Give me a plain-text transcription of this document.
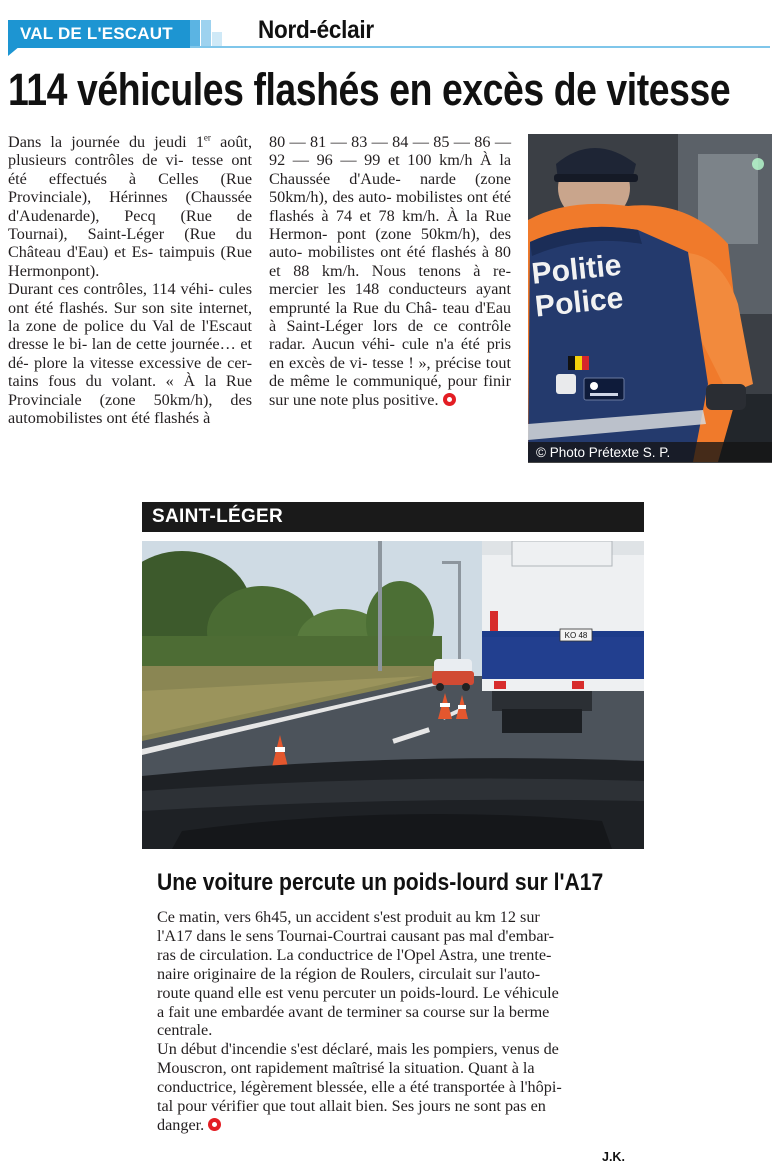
VAL DE L'ESCAUT	Nord-éclair
114 véhicules flashés en excès de vitesse

Dans la journée du jeudi 1er août, plusieurs contrôles de vi- tesse ont été effectués à Celles (Rue Provinciale), Hérinnes (Chaussée d'Audenarde), Pecq (Rue de Tournai), Saint-Léger (Rue du Château d'Eau) et Es- taimpuis (Rue Hermonpont).

Durant ces contrôles, 114 véhi- cules ont été flashés. Sur son site internet, la zone de police du Val de l'Escaut dresse le bi- lan de cette journée… et dé- plore la vitesse excessive de cer- tains fous du volant. « À la Rue Provinciale (zone 50km/h), des automobilistes ont été flashés à

80 — 81 — 83 — 84 — 85 — 86 — 92 — 96 — 99 et 100 km/h À la Chaussée d'Aude- narde (zone 50km/h), des auto- mobilistes ont été flashés à 74 et 78 km/h. À la Rue Hermon- pont (zone 50km/h), des auto- mobilistes ont été flashés à 80 et 88 km/h. Nous tenons à re- mercier les 148 conducteurs ayant emprunté la Rue du Châ- teau d'Eau à Saint-Léger lors de ce contrôle radar. Aucun véhi- cule n'a été pris en excès de vi- tesse ! », précise tout de même le communiqué, pour finir sur une note plus positive.

Politie
Police
© Photo Prétexte S. P.
SAINT-LÉGER
KO 48
Une voiture percute un poids-lourd sur l'A17

Ce matin, vers 6h45, un accident s'est produit au km 12 sur
l'A17 dans le sens Tournai-Courtrai causant pas mal d'embar-
ras de circulation. La conductrice de l'Opel Astra, une trente-
naire originaire de la région de Roulers, circulait sur l'auto-
route quand elle est venu percuter un poids-lourd. Le véhicule
a fait une embardée avant de terminer sa course sur la berme
centrale.

Un début d'incendie s'est déclaré, mais les pompiers, venus de
Mouscron, ont rapidement maîtrisé la situation. Quant à la
conductrice, légèrement blessée, elle a été transportée à l'hôpi-
tal pour vérifier que tout allait bien. Ses jours ne sont pas en
danger.

J.K.
